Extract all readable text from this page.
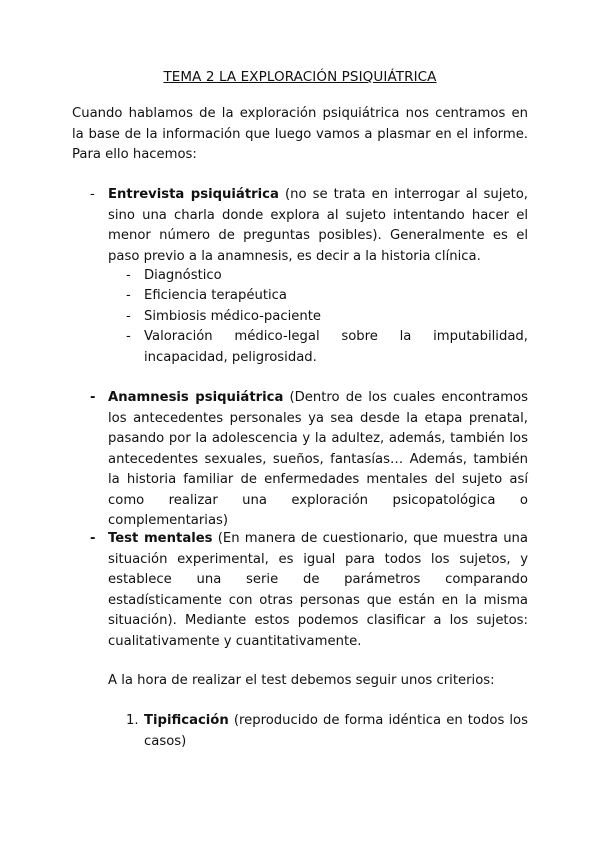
TEMA 2 LA EXPLORACIÓN PSIQUIÁTRICA
Cuando hablamos de la exploración psiquiátrica nos centramos en la base de la información que luego vamos a plasmar en el informe. Para ello hacemos:
- Entrevista psiquiátrica (no se trata en interrogar al sujeto, sino una charla donde explora al sujeto intentando hacer el menor número de preguntas posibles). Generalmente es el paso previo a la anamnesis, es decir a la historia clínica.
- Diagnóstico
- Eficiencia terapéutica
- Simbiosis médico-paciente
- Valoración médico-legal sobre la imputabilidad, incapacidad, peligrosidad.
- Anamnesis psiquiátrica (Dentro de los cuales encontramos los antecedentes personales ya sea desde la etapa prenatal, pasando por la adolescencia y la adultez, además, también los antecedentes sexuales, sueños, fantasías… Además, también la historia familiar de enfermedades mentales del sujeto así como realizar una exploración psicopatológica o complementarias)
- Test mentales (En manera de cuestionario, que muestra una situación experimental, es igual para todos los sujetos, y establece una serie de parámetros comparando estadísticamente con otras personas que están en la misma situación). Mediante estos podemos clasificar a los sujetos: cualitativamente y cuantitativamente.
A la hora de realizar el test debemos seguir unos criterios:
1. Tipificación (reproducido de forma idéntica en todos los casos)
